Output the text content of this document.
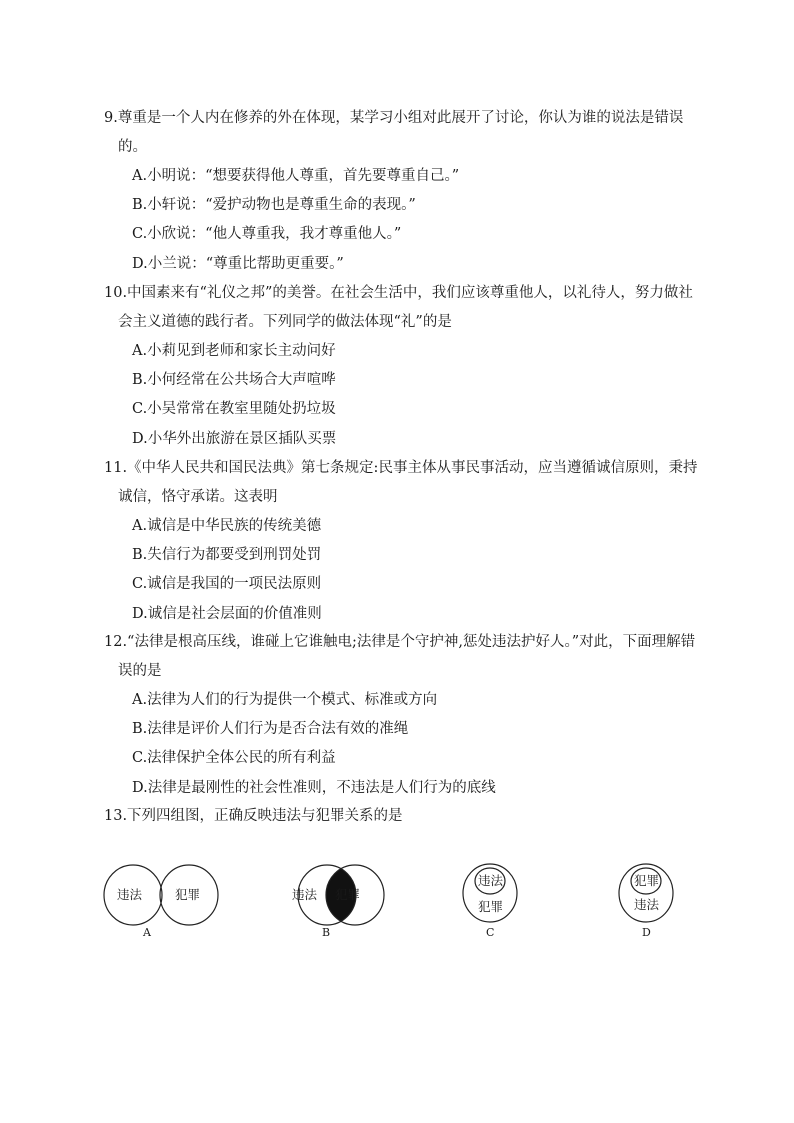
9.尊重是一个人内在修养的外在体现，某学习小组对此展开了讨论，你认为谁的说法是错误的。
A.小明说：“想要获得他人尊重，首先要尊重自己。”
B.小轩说：“爱护动物也是尊重生命的表现。”
C.小欣说：“他人尊重我，我才尊重他人。”
D.小兰说：“尊重比帮助更重要。”
10.中国素来有“礼仪之邦”的美誉。在社会生活中，我们应该尊重他人，以礼待人，努力做社会主义道德的践行者。下列同学的做法体现“礼”的是
A.小莉见到老师和家长主动问好
B.小何经常在公共场合大声喧哗
C.小吴常常在教室里随处扔垃圾
D.小华外出旅游在景区插队买票
11.《中华人民共和国民法典》第七条规定:民事主体从事民事活动，应当遵循诚信原则，秉持诚信，恪守承诺。这表明
A.诚信是中华民族的传统美德
B.失信行为都要受到刑罚处罚
C.诚信是我国的一项民法原则
D.诚信是社会层面的价值准则
12.“法律是根高压线，谁碰上它谁触电;法律是个守护神,惩处违法护好人。”对此，下面理解错误的是
A.法律为人们的行为提供一个模式、标准或方向
B.法律是评价人们行为是否合法有效的准绳
C.法律保护全体公民的所有利益
D.法律是最刚性的社会性准则，不违法是人们行为的底线
13.下列四组图，正确反映违法与犯罪关系的是
违法	犯罪
A
违法 犯罪
B
违法
犯罪
C
犯罪
违法
D
